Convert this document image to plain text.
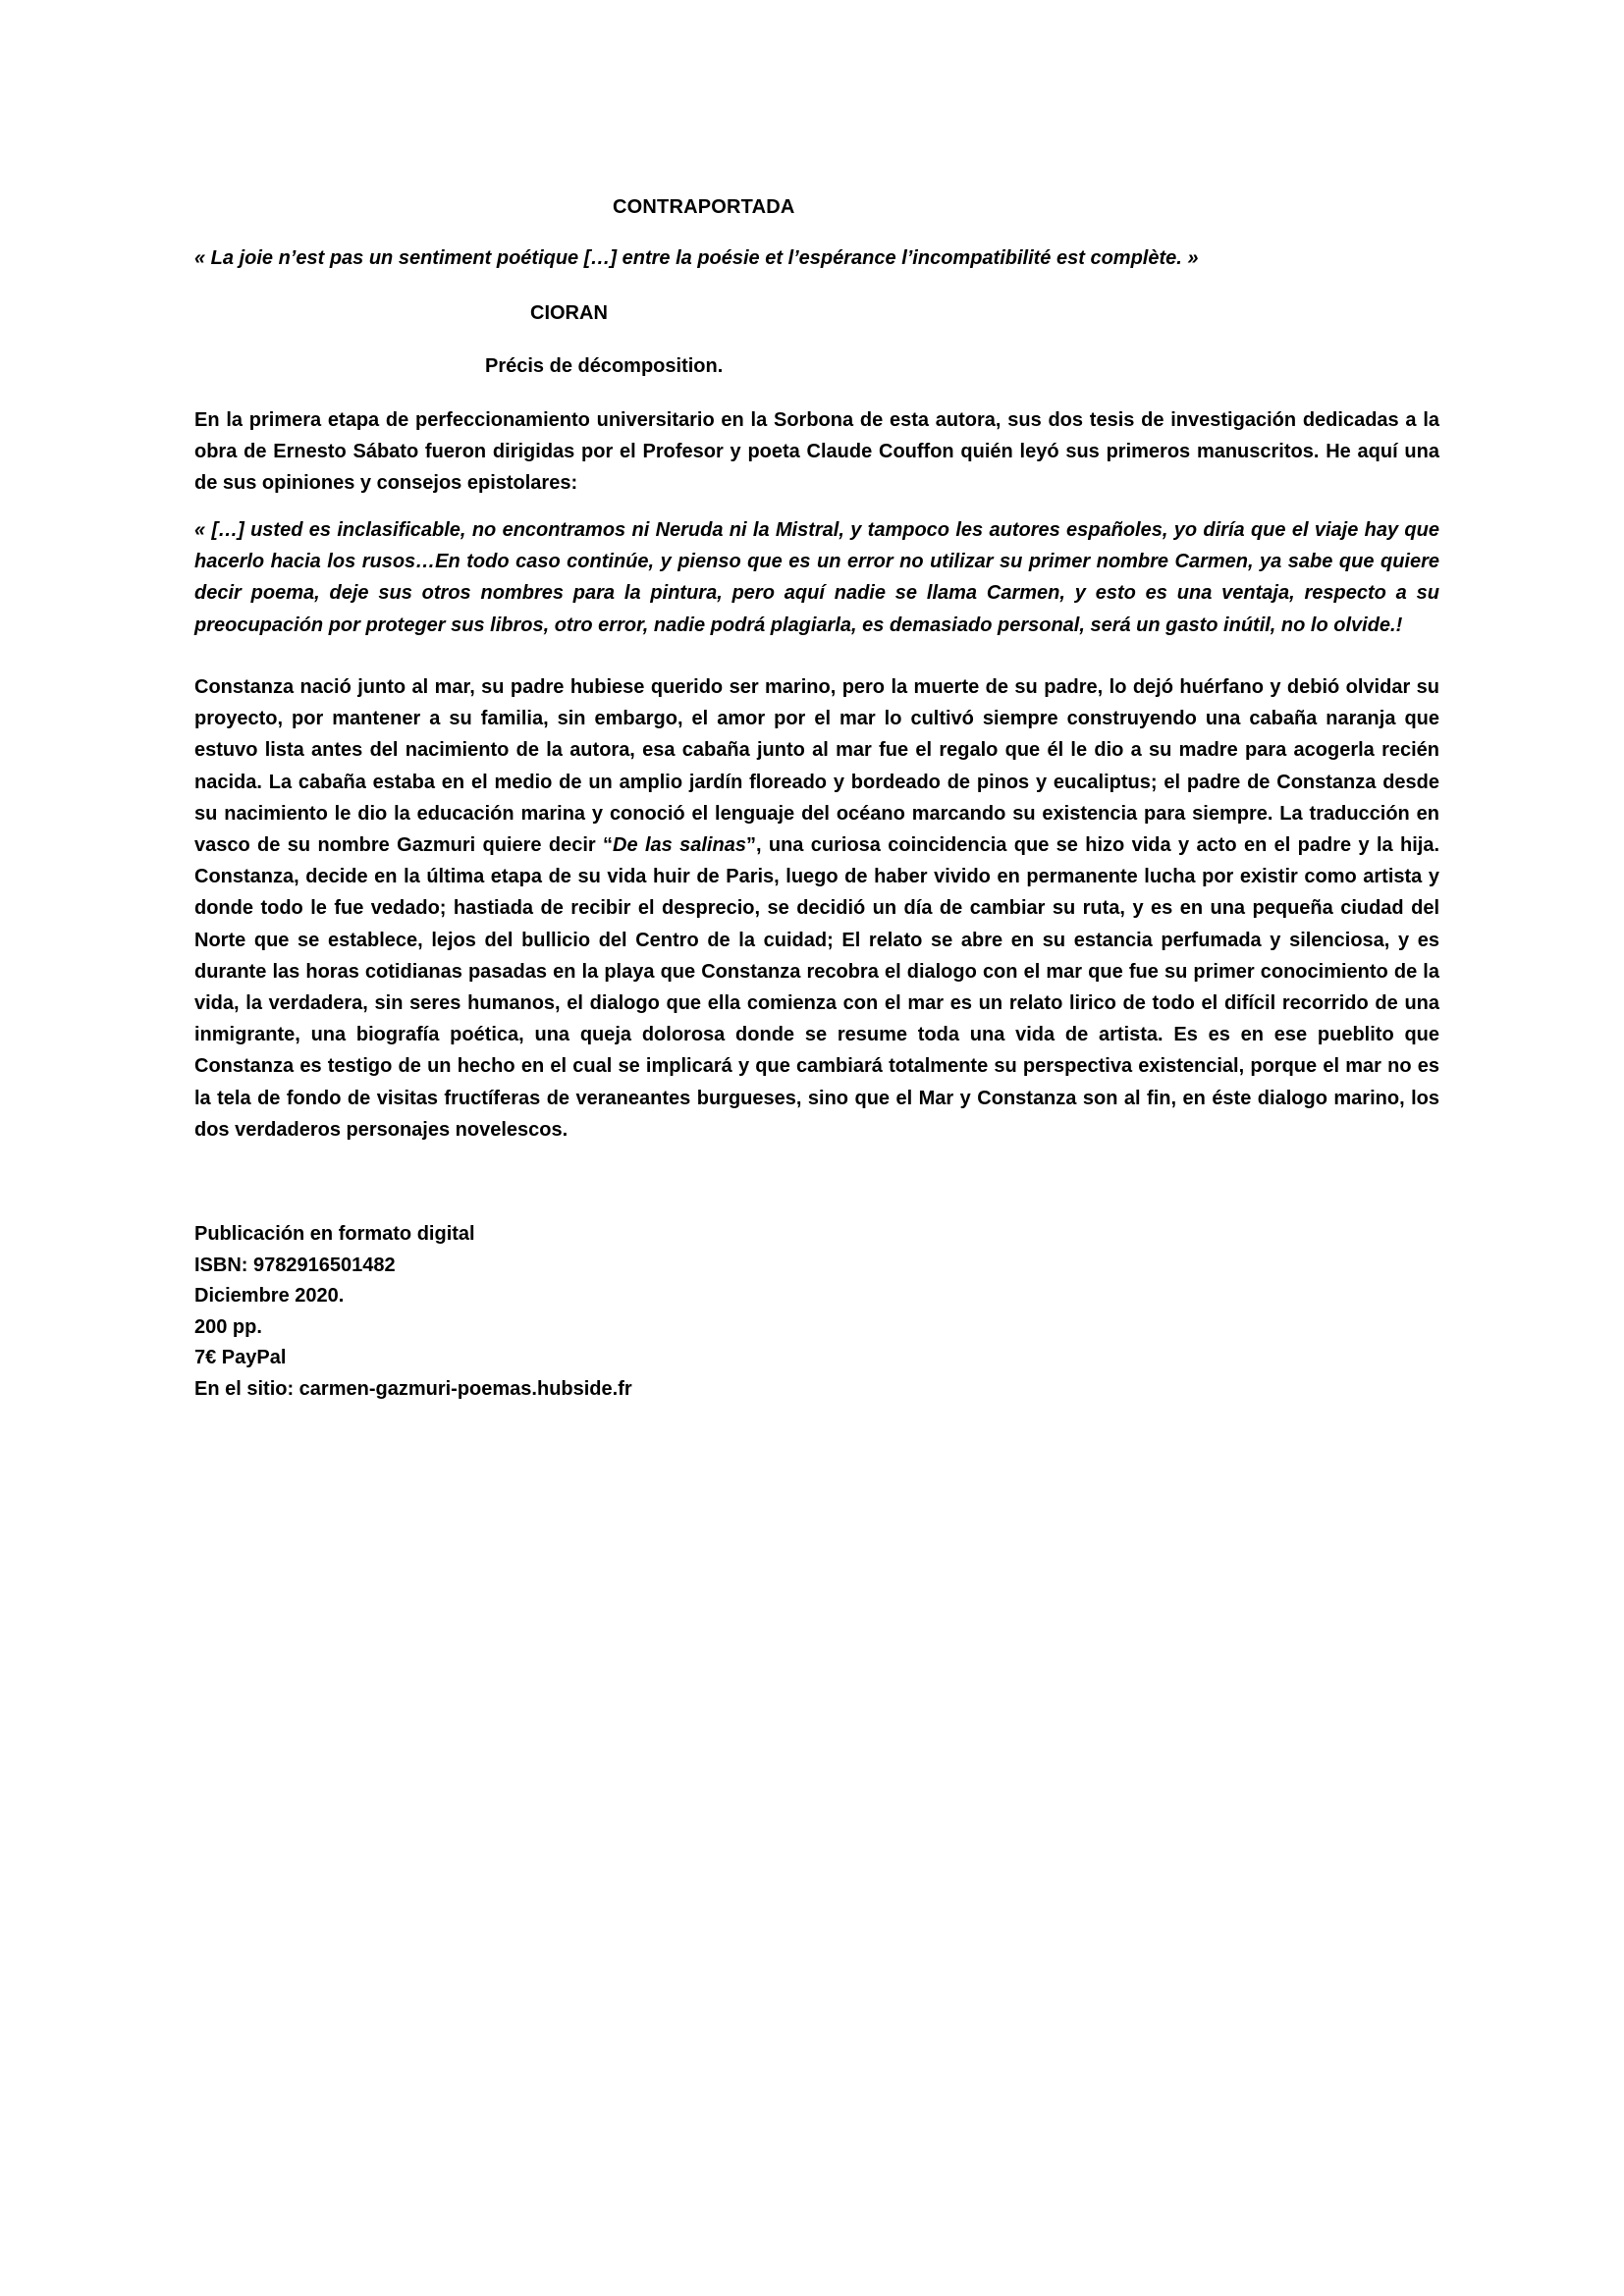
CONTRAPORTADA
« La joie n’est pas un sentiment poétique […] entre la poésie et l’espérance l’incompatibilité est complète. »
CIORAN
Précis de décomposition.

En la primera etapa de perfeccionamiento universitario en la Sorbona de esta autora, sus dos tesis de investigación dedicadas a la obra de Ernesto Sábato fueron dirigidas por el Profesor y poeta Claude Couffon quién leyó sus primeros manuscritos. He aquí una de sus opiniones y consejos epistolares:

« […] usted es inclasificable, no encontramos ni Neruda ni la Mistral, y tampoco les autores españoles, yo diría que el viaje hay que hacerlo hacia los rusos…En todo caso continúe, y pienso que es un error no utilizar su primer nombre Carmen, ya sabe que quiere decir poema, deje sus otros nombres para la pintura, pero aquí nadie se llama Carmen, y esto es una ventaja, respecto a su preocupación por proteger sus libros, otro error, nadie podrá plagiarla, es demasiado personal, será un gasto inútil, no lo olvide.!

Constanza nació junto al mar, su padre hubiese querido ser marino, pero la muerte de su padre, lo dejó huérfano y debió olvidar su proyecto, por mantener a su familia, sin embargo, el amor por el mar lo cultivó siempre construyendo una cabaña naranja que estuvo lista antes del nacimiento de la autora, esa cabaña junto al mar fue el regalo que él le dio a su madre para acogerla recién nacida. La cabaña estaba en el medio de un amplio jardín floreado y bordeado de pinos y eucaliptus; el padre de Constanza desde su nacimiento le dio la educación marina y conoció el lenguaje del océano marcando su existencia para siempre. La traducción en vasco de su nombre Gazmuri quiere decir “De las salinas”, una curiosa coincidencia que se hizo vida y acto en el padre y la hija. Constanza, decide en la última etapa de su vida huir de Paris, luego de haber vivido en permanente lucha por existir como artista y donde todo le fue vedado; hastiada de recibir el desprecio, se decidió un día de cambiar su ruta, y es en una pequeña ciudad del Norte que se establece, lejos del bullicio del Centro de la cuidad; El relato se abre en su estancia perfumada y silenciosa, y es durante las horas cotidianas pasadas en la playa que Constanza recobra el dialogo con el mar que fue su primer conocimiento de la vida, la verdadera, sin seres humanos, el dialogo que ella comienza con el mar es un relato lirico de todo el difícil recorrido de una inmigrante, una biografía poética, una queja dolorosa donde se resume toda una vida de artista. Es es en ese pueblito que Constanza es testigo de un hecho en el cual se implicará y que cambiará totalmente su perspectiva existencial, porque el mar no es la tela de fondo de visitas fructíferas de veraneantes burgueses, sino que el Mar y Constanza son al fin, en éste dialogo marino, los dos verdaderos personajes novelescos.

Publicación en formato digital
ISBN: 9782916501482
Diciembre 2020.
200 pp.
7€ PayPal
En el sitio: carmen-gazmuri-poemas.hubside.fr
